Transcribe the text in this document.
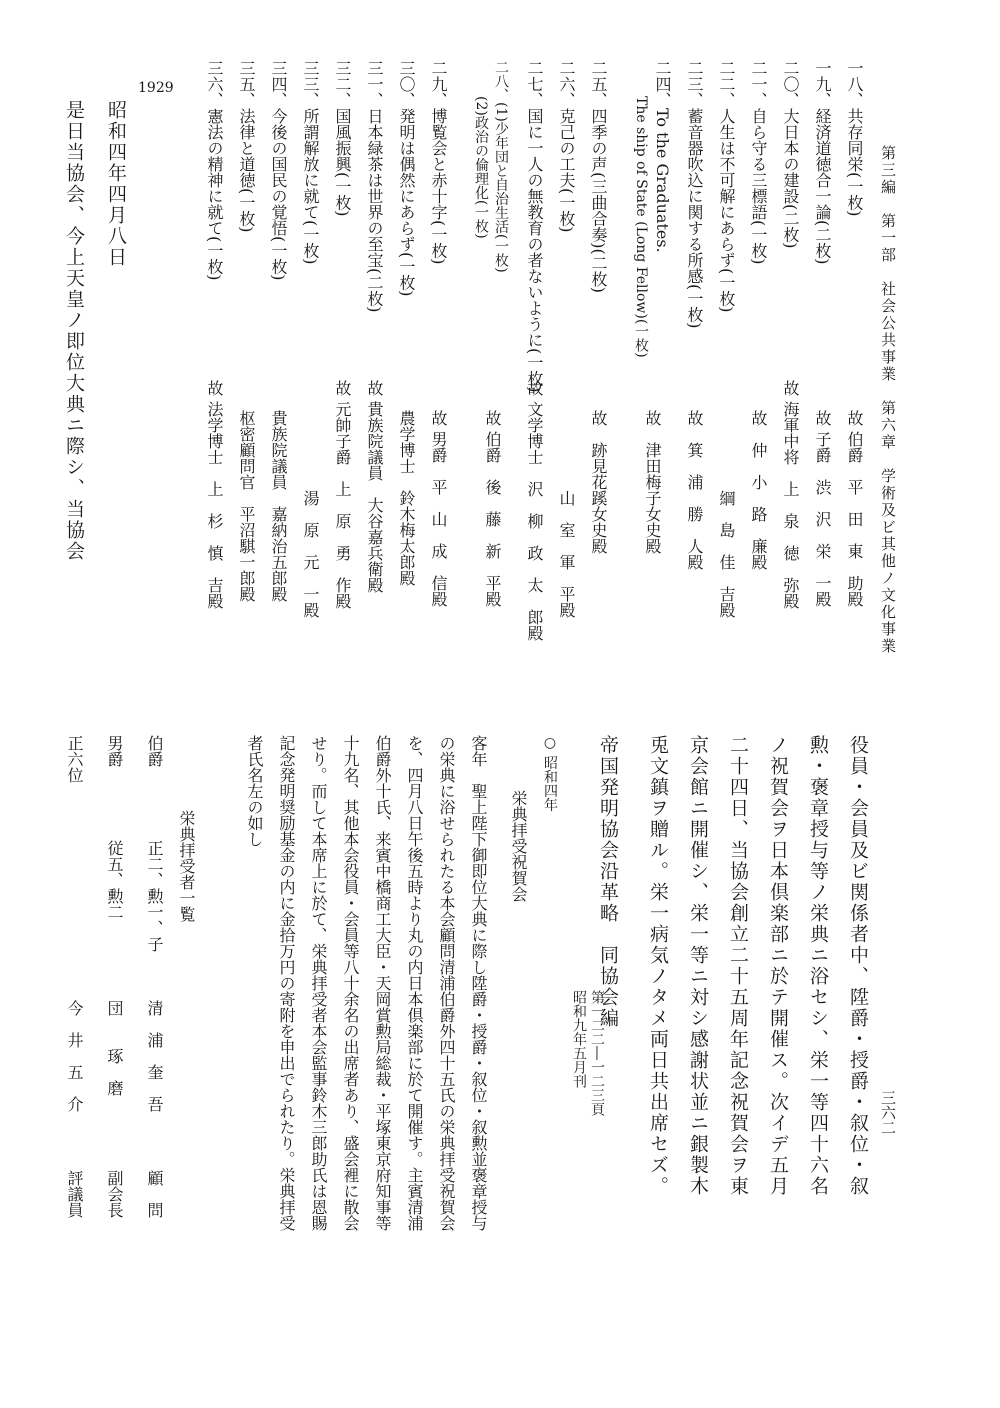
第三編　第一部　社会公共事業　第六章　学術及ビ其他ノ文化事業
三六二
一八、共存同栄(一枚)
一九、経済道徳合一論(二枚)
二〇、大日本の建設(二枚)
二一、自ら守る三標語(一枚)
二二、人生は不可解にあらず(一枚)
二三、蓄音器吹込に関する所感(一枚)
二四、To the Graduates.
The ship of State (Long Fellow)(一枚)
二五、四季の声(三曲合奏)(二枚)
二六、克己の工夫(一枚)
二七、国に一人の無教育の者ないように(一枚)
二八、(1)少年団と自治生活(一枚)
(2)政治の倫理化(一枚)
二九、博覧会と赤十字(一枚)
三〇、発明は偶然にあらず(一枚)
三一、日本緑茶は世界の至宝(二枚)
三二、国風振興(一枚)
三三、所謂解放に就て(一枚)
三四、今後の国民の覚悟(一枚)
三五、法律と道徳(一枚)
三六、憲法の精神に就て(一枚)
故 伯爵　平　田　東　助殿
故 子爵　渋　沢　栄　一殿
故 海軍中将　上　泉　徳　弥殿
故　仲　小　路　廉殿
綱　島　佳　吉殿
故　箕　浦　勝　人殿
故　津田梅子女史殿
故　跡見花蹊女史殿
山　室　軍　平殿
故 文学博士　沢　柳　政　太　郎殿
故 伯爵　後　藤　新　平殿
故 男爵　平　山　成　信殿
農学博士　鈴木梅太郎殿
故 貴族院議員　大谷嘉兵衛殿
故 元帥子爵　上　原　勇　作殿
湯　原　元　一殿
貴族院議員　嘉納治五郎殿
枢密顧問官　平沼騏一郎殿
故 法学博士　上　杉　慎　吉殿
1929
昭和四年四月八日
是日当協会、今上天皇ノ即位大典ニ際シ、当協会
役員・会員及ビ関係者中、陞爵・授爵・叙位・叙
勲・褒章授与等ノ栄典ニ浴セシ、栄一等四十六名
ノ祝賀会ヲ日本倶楽部ニ於テ開催ス。次イデ五月
二十四日、当協会創立二十五周年記念祝賀会ヲ東
京会館ニ開催シ、栄一等ニ対シ感謝状並ニ銀製木
兎文鎮ヲ贈ル。栄一病気ノタメ両日共出席セズ。
帝国発明協会沿革略　同協会編
第一二二―一二三頁
昭和九年五月刊
○ 昭和四年
栄典拝受祝賀会
客年　聖上陛下御即位大典に際し陞爵・授爵・叙位・叙勲並褒章授与
の栄典に浴せられたる本会顧問清浦伯爵外四十五氏の栄典拝受祝賀会
を、四月八日午後五時より丸の内日本倶楽部に於て開催す。主賓清浦
伯爵外十氏、来賓中橋商工大臣・天岡賞勲局総裁・平塚東京府知事等
十九名、其他本会役員・会員等八十余名の出席者あり、盛会裡に散会
せり。而して本席上に於て、栄典拝受者本会監事鈴木三郎助氏は恩賜
記念発明奨励基金の内に金拾万円の寄附を申出でられたり。栄典拝受
者氏名左の如し
栄典拝受者一覧
伯爵
正二、勲一、子
清　浦　奎　吾
顧　問
男爵
従五、勲二
団　　琢　磨
副会長
正六位
今　井　五　介
評議員
